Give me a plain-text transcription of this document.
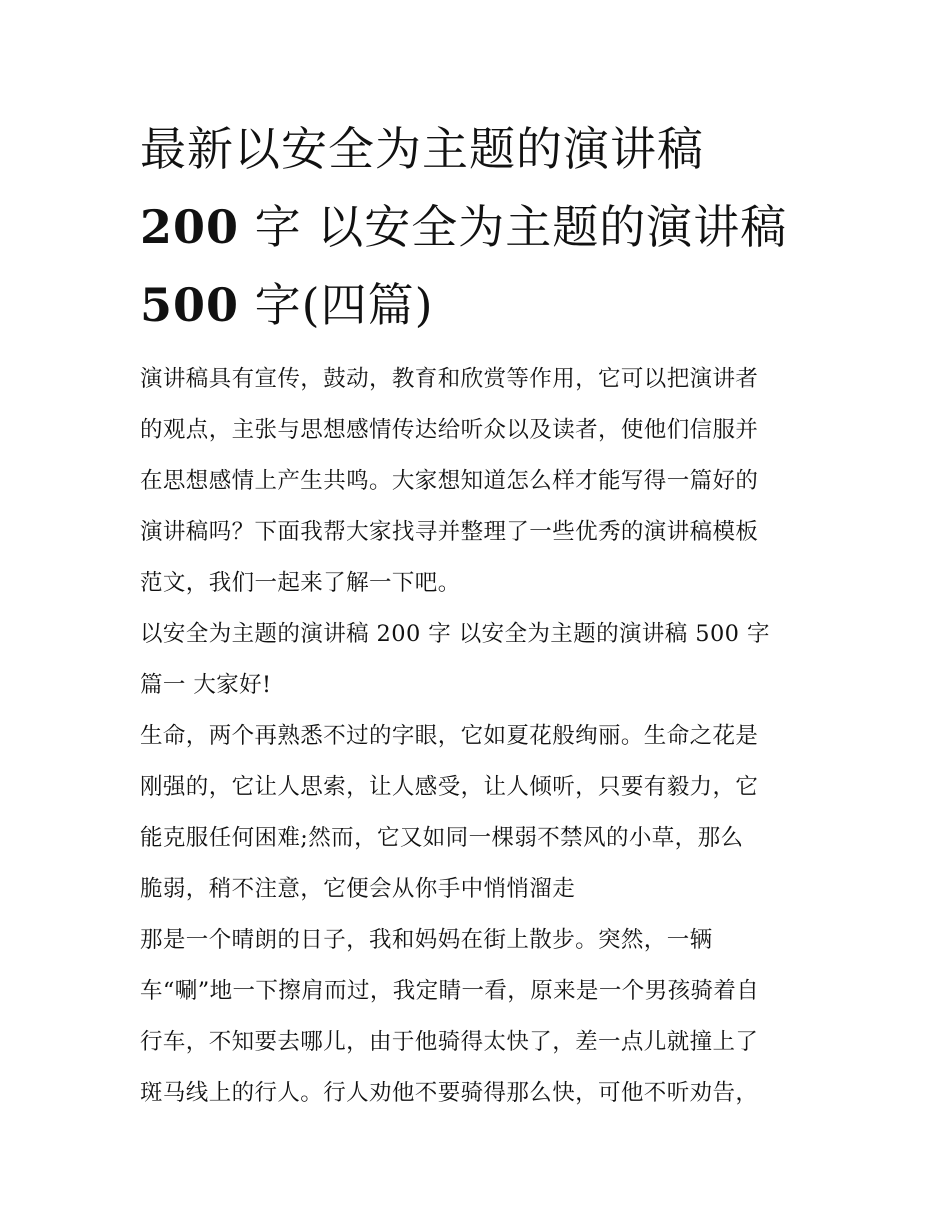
最新以安全为主题的演讲稿
200 字 以安全为主题的演讲稿
500 字(四篇)
演讲稿具有宣传，鼓动，教育和欣赏等作用，它可以把演讲者
的观点，主张与思想感情传达给听众以及读者，使他们信服并
在思想感情上产生共鸣。大家想知道怎么样才能写得一篇好的
演讲稿吗？下面我帮大家找寻并整理了一些优秀的演讲稿模板
范文，我们一起来了解一下吧。
以安全为主题的演讲稿 200 字 以安全为主题的演讲稿 500 字
篇一 大家好!
生命，两个再熟悉不过的字眼，它如夏花般绚丽。生命之花是
刚强的，它让人思索，让人感受，让人倾听，只要有毅力，它
能克服任何困难;然而，它又如同一棵弱不禁风的小草，那么
脆弱，稍不注意，它便会从你手中悄悄溜走
那是一个晴朗的日子，我和妈妈在街上散步。突然，一辆
车“唰”地一下擦肩而过，我定睛一看，原来是一个男孩骑着自
行车，不知要去哪儿，由于他骑得太快了，差一点儿就撞上了
斑马线上的行人。行人劝他不要骑得那么快，可他不听劝告，
